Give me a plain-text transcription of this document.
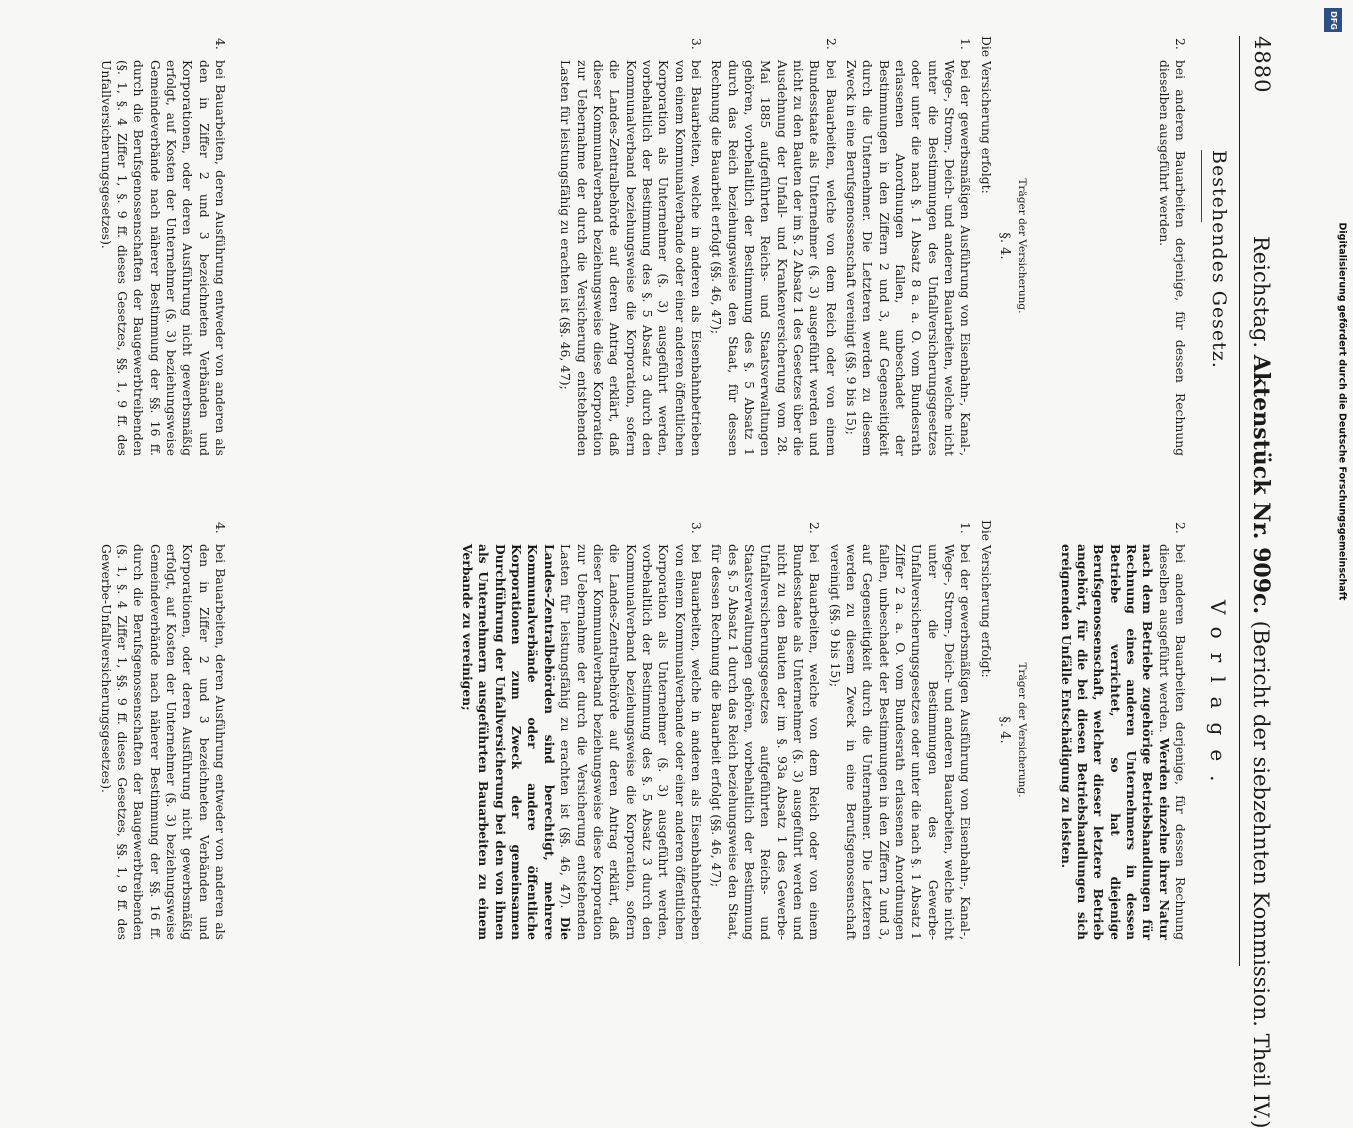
4880
Reichstag. Aktenstück Nr. 909c. (Bericht der siebzehnten Kommission. Theil IV.)
Bestehendes Gesetz.
Vorlage.
2.
bei anderen Bauarbeiten derjenige, für dessen Rechnung dieselben ausgeführt werden.
Träger der Versicherung.
§. 4.
Die Versicherung erfolgt:
1.
bei der gewerbsmäßigen Ausführung von Eisenbahn-, Kanal-, Wege-, Strom-, Deich- und anderen Bauarbeiten, welche nicht unter die Bestimmungen des Unfallversicherungsgesetzes oder unter die nach §. 1 Absatz 8 a. a. O. vom Bundesrath erlassenen Anordnungen fallen, unbeschadet der Bestimmungen in den Ziffern 2 und 3, auf Gegenseitigkeit durch die Unternehmer. Die Letzteren werden zu diesem Zweck in eine Berufsgenossenschaft vereinigt (§§. 9 bis 15);
2.
bei Bauarbeiten, welche von dem Reich oder von einem Bundesstaate als Unternehmer (§. 3) ausgeführt werden und nicht zu den Bauten der im §. 2 Absatz 1 des Gesetzes über die Ausdehnung der Unfall- und Krankenversicherung vom 28. Mai 1885 aufgeführten Reichs- und Staatsverwaltungen gehören, vorbehaltlich der Bestimmung des §. 5 Absatz 1 durch das Reich beziehungsweise den Staat, für dessen Rechnung die Bauarbeit erfolgt (§§. 46, 47);
3.
bei Bauarbeiten, welche in anderen als Eisenbahnbetrieben von einem Kommunalverbande oder einer anderen öffentlichen Korporation als Unternehmer (§. 3) ausgeführt werden, vorbehaltlich der Bestimmung des §. 5 Absatz 3 durch den Kommunalverband beziehungsweise die Korporation, sofern die Landes-Zentralbehörde auf deren Antrag erklärt, daß dieser Kommunalverband beziehungsweise diese Korporation zur Uebernahme der durch die Versicherung entstehenden Lasten für leistungsfähig zu erachten ist (§§. 46, 47);
4.
bei Bauarbeiten, deren Ausführung entweder von anderen als den in Ziffer 2 und 3 bezeichneten Verbänden und Korporationen, oder deren Ausführung nicht gewerbsmäßig erfolgt, auf Kosten der Unternehmer (§. 3) beziehungsweise Gemeindeverbände nach näherer Bestimmung der §§. 16 ff. durch die Berufsgenossenschaften der Baugewerbtreibenden (§. 1, §. 4 Ziffer 1, §. 9 ff. dieses Gesetzes, §§. 1, 9 ff. des Unfallversicherungsgesetzes).
2.
bei anderen Bauarbeiten derjenige, für dessen Rechnung dieselben ausgeführt werden. Werden einzelne ihrer Natur nach dem Betriebe zugehörige Betriebshandlungen für Rechnung eines anderen Unternehmers in dessen Betriebe verrichtet, so hat diejenige Berufsgenossenschaft, welcher dieser letztere Betrieb angehört, für die bei diesen Betriebshandlungen sich ereignenden Unfälle Entschädigung zu leisten.
Träger der Versicherung.
§. 4.
Die Versicherung erfolgt:
1.
bei der gewerbsmäßigen Ausführung von Eisenbahn-, Kanal-, Wege-, Strom-, Deich- und anderen Bauarbeiten, welche nicht unter die Bestimmungen des Gewerbe-Unfallversicherungsgesetzes oder unter die nach §. 1 Absatz 1 Ziffer 2 a. a. O. vom Bundesrath erlassenen Anordnungen fallen, unbeschadet der Bestimmungen in den Ziffern 2 und 3, auf Gegenseitigkeit durch die Unternehmer. Die Letzteren werden zu diesem Zweck in eine Berufsgenossenschaft vereinigt (§§. 9 bis 15);
2.
bei Bauarbeiten, welche von dem Reich oder von einem Bundesstaate als Unternehmer (§. 3) ausgeführt werden und nicht zu den Bauten der im §. 93a Absatz 1 des Gewerbe-Unfallversicherungsgesetzes aufgeführten Reichs- und Staatsverwaltungen gehören, vorbehaltlich der Bestimmung des §. 5 Absatz 1 durch das Reich beziehungsweise den Staat, für dessen Rechnung die Bauarbeit erfolgt (§§. 46, 47);
3.
bei Bauarbeiten, welche in anderen als Eisenbahnbetrieben von einem Kommunalverbande oder einer anderen öffentlichen Korporation als Unternehmer (§. 3) ausgeführt werden, vorbehaltlich der Bestimmung des §. 5 Absatz 3 durch den Kommunalverband beziehungsweise die Korporation, sofern die Landes-Zentralbehörde auf deren Antrag erklärt, daß dieser Kommunalverband beziehungsweise diese Korporation zur Uebernahme der durch die Versicherung entstehenden Lasten für leistungsfähig zu erachten ist (§§. 46, 47). Die Landes-Zentralbehörden sind berechtigt, mehrere Kommunalverbände oder andere öffentliche Korporationen zum Zweck der gemeinsamen Durchführung der Unfallversicherung bei den von ihnen als Unternehmern ausgeführten Bauarbeiten zu einem Verbande zu vereinigen;
4.
bei Bauarbeiten, deren Ausführung entweder von anderen als den in Ziffer 2 und 3 bezeichneten Verbänden und Korporationen, oder deren Ausführung nicht gewerbsmäßig erfolgt, auf Kosten der Unternehmer (§. 3) beziehungsweise Gemeindeverbände nach näherer Bestimmung der §§. 16 ff. durch die Berufsgenossenschaften der Baugewerbtreibenden (§. 1, §. 4 Ziffer 1, §§. 9 ff. dieses Gesetzes, §§. 1, 9 ff. des Gewerbe-Unfallversicherungsgesetzes).
DFG
Digitalisierung gefördert durch die Deutsche Forschungsgemeinschaft
